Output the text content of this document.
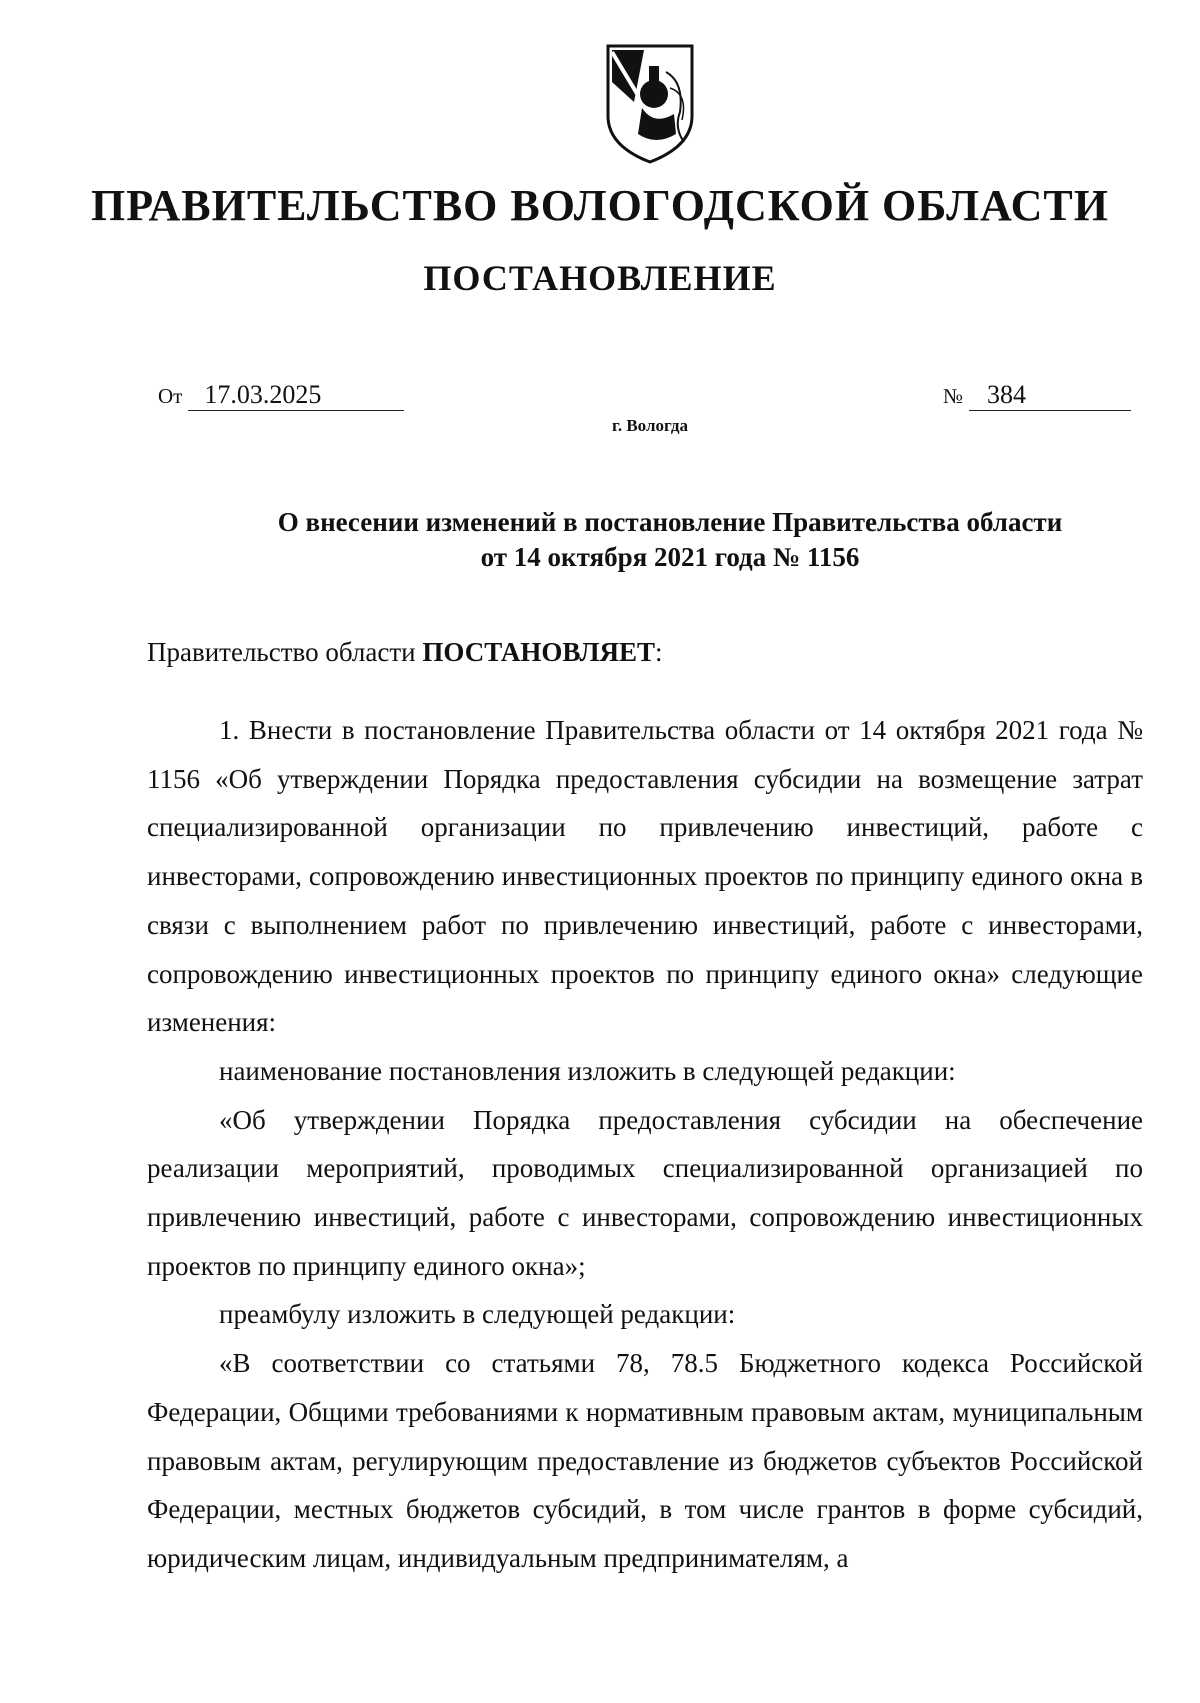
ПРАВИТЕЛЬСТВО ВОЛОГОДСКОЙ ОБЛАСТИ
ПОСТАНОВЛЕНИЕ
От 17.03.2025	№ 384
г. Вологда
О внесении изменений в постановление Правительства области
от 14 октября 2021 года № 1156
Правительство области ПОСТАНОВЛЯЕТ:

1. Внести в постановление Правительства области от 14 октября 2021 года № 1156 «Об утверждении Порядка предоставления субсидии на возмещение затрат специализированной организации по привлечению инвестиций, работе с инвесторами, сопровождению инвестиционных проектов по принципу единого окна в связи с выполнением работ по привлечению инвестиций, работе с инвесторами, сопровождению инвестиционных проектов по принципу единого окна» следующие изменения:

наименование постановления изложить в следующей редакции:

«Об утверждении Порядка предоставления субсидии на обеспечение реализации мероприятий, проводимых специализированной организацией по привлечению инвестиций, работе с инвесторами, сопровождению инвестиционных проектов по принципу единого окна»;

преамбулу изложить в следующей редакции:

«В соответствии со статьями 78, 78.5 Бюджетного кодекса Российской Федерации, Общими требованиями к нормативным правовым актам, муниципальным правовым актам, регулирующим предоставление из бюджетов субъектов Российской Федерации, местных бюджетов субсидий, в том числе грантов в форме субсидий, юридическим лицам, индивидуальным предпринимателям, а
